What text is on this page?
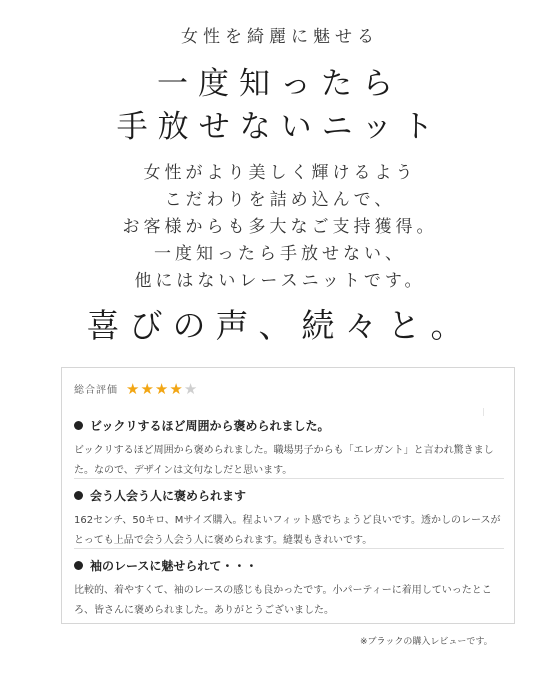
女性を綺麗に魅せる
一度知ったら
手放せないニット
女性がより美しく輝けるよう
こだわりを詰め込んで、
お客様からも多大なご支持獲得。
一度知ったら手放せない、
他にはないレースニットです。
喜びの声、続々と。
総合評価 ★★★★★
ビックリするほど周囲から褒められました。
ビックリするほど周囲から褒められました。職場男子からも「エレガント」と言われ驚きました。なので、デザインは文句なしだと思います。
会う人会う人に褒められます
162センチ、50キロ、Mサイズ購入。程よいフィット感でちょうど良いです。透かしのレースがとっても上品で会う人会う人に褒められます。縫製もきれいです。
袖のレースに魅せられて・・・
比較的、着やすくて、袖のレースの感じも良かったです。小パーティーに着用していったところ、皆さんに褒められました。ありがとうございました。
※ブラックの購入レビューです。
